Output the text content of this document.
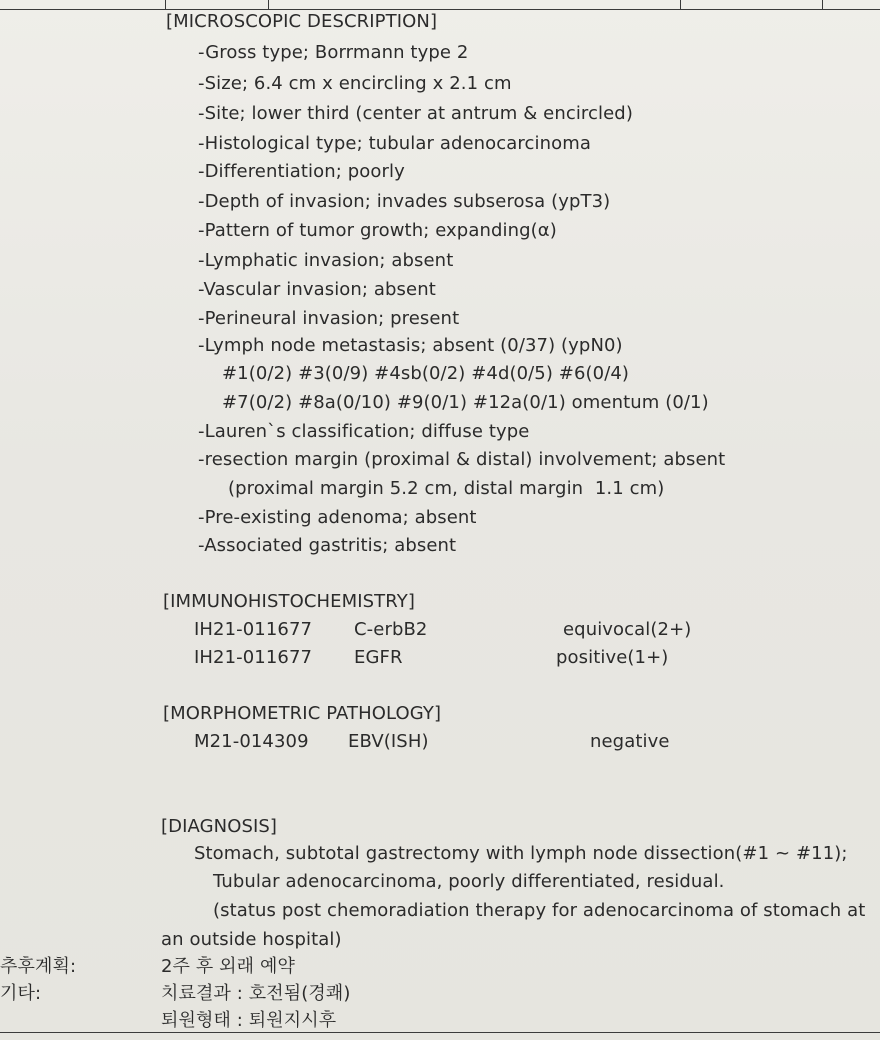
[MICROSCOPIC DESCRIPTION]
-Gross type; Borrmann type 2
-Size; 6.4 cm x encircling x 2.1 cm
-Site; lower third (center at antrum & encircled)
-Histological type; tubular adenocarcinoma
-Differentiation; poorly
-Depth of invasion; invades subserosa (ypT3)
-Pattern of tumor growth; expanding(α)
-Lymphatic invasion; absent
-Vascular invasion; absent
-Perineural invasion; present
-Lymph node metastasis; absent (0/37) (ypN0)
#1(0/2) #3(0/9) #4sb(0/2) #4d(0/5) #6(0/4)
#7(0/2) #8a(0/10) #9(0/1) #12a(0/1) omentum (0/1)
-Lauren`s classification; diffuse type
-resection margin (proximal & distal) involvement; absent
(proximal margin 5.2 cm, distal margin  1.1 cm)
-Pre-existing adenoma; absent
-Associated gastritis; absent
[IMMUNOHISTOCHEMISTRY]
IH21-011677 C-erbB2	equivocal(2+)
IH21-011677 EGFR	positive(1+)
[MORPHOMETRIC PATHOLOGY]
M21-014309 EBV(ISH)	negative
[DIAGNOSIS]
Stomach, subtotal gastrectomy with lymph node dissection(#1 ~ #11);
Tubular adenocarcinoma, poorly differentiated, residual.
(status post chemoradiation therapy for adenocarcinoma of stomach at
an outside hospital)
추후계획:	2주 후 외래 예약
기타:	치료결과 : 호전됨(경쾌)
퇴원형태 : 퇴원지시후
